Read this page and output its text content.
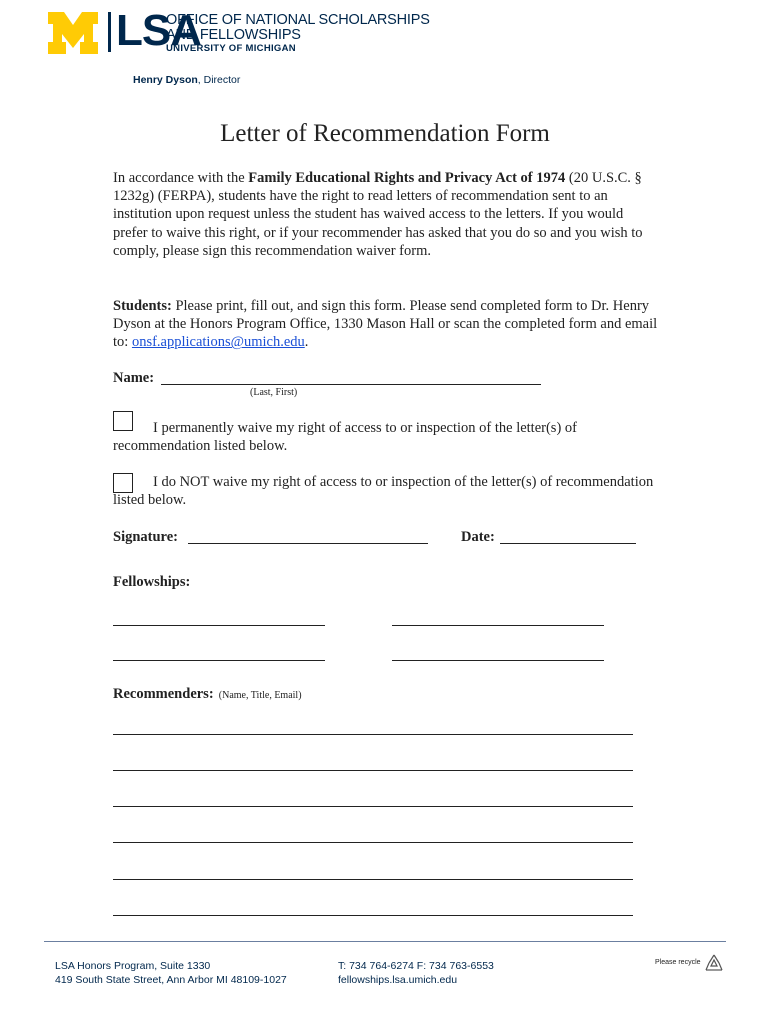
LSA
OFFICE OF NATIONAL SCHOLARSHIPS
AND FELLOWSHIPS
UNIVERSITY OF MICHIGAN
Henry Dyson, Director
Letter of Recommendation Form
In accordance with the Family Educational Rights and Privacy Act of 1974 (20 U.S.C. § 1232g) (FERPA), students have the right to read letters of recommendation sent to an institution upon request unless the student has waived access to the letters. If you would prefer to waive this right, or if your recommender has asked that you do so and you wish to comply, please sign this recommendation waiver form.
Students: Please print, fill out, and sign this form. Please send completed form to Dr. Henry Dyson at the Honors Program Office, 1330 Mason Hall or scan the completed form and email to: onsf.applications@umich.edu.
Name:
(Last, First)
I permanently waive my right of access to or inspection of the letter(s) of recommendation listed below.
I do NOT waive my right of access to or inspection of the letter(s) of recommendation listed below.
Signature:	Date:
Fellowships:
Recommenders: (Name, Title, Email)
LSA Honors Program, Suite 1330
419 South State Street, Ann Arbor MI 48109-1027
T: 734 764-6274 F: 734 763-6553
fellowships.lsa.umich.edu
Please recycle
